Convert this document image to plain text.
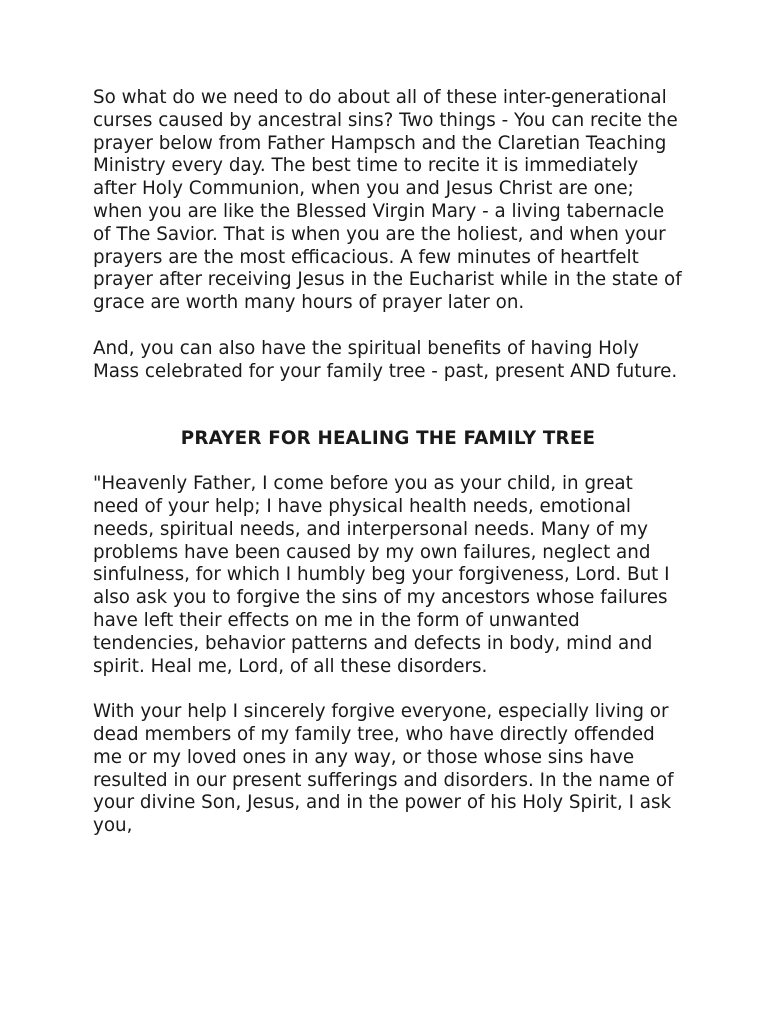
So what do we need to do about all of these inter-generational curses caused by ancestral sins? Two things - You can recite the prayer below from Father Hampsch and the Claretian Teaching Ministry every day. The best time to recite it is immediately after Holy Communion, when you and Jesus Christ are one; when you are like the Blessed Virgin Mary - a living tabernacle of The Savior. That is when you are the holiest, and when your prayers are the most efficacious. A few minutes of heartfelt prayer after receiving Jesus in the Eucharist while in the state of grace are worth many hours of prayer later on.

And, you can also have the spiritual benefits of having Holy Mass celebrated for your family tree - past, present AND future.

PRAYER FOR HEALING THE FAMILY TREE

"Heavenly Father, I come before you as your child, in great need of your help; I have physical health needs, emotional needs, spiritual needs, and interpersonal needs. Many of my problems have been caused by my own failures, neglect and sinfulness, for which I humbly beg your forgiveness, Lord. But I also ask you to forgive the sins of my ancestors whose failures have left their effects on me in the form of unwanted tendencies, behavior patterns and defects in body, mind and spirit. Heal me, Lord, of all these disorders.

With your help I sincerely forgive everyone, especially living or dead members of my family tree, who have directly offended me or my loved ones in any way, or those whose sins have resulted in our present sufferings and disorders. In the name of your divine Son, Jesus, and in the power of his Holy Spirit, I ask you,
